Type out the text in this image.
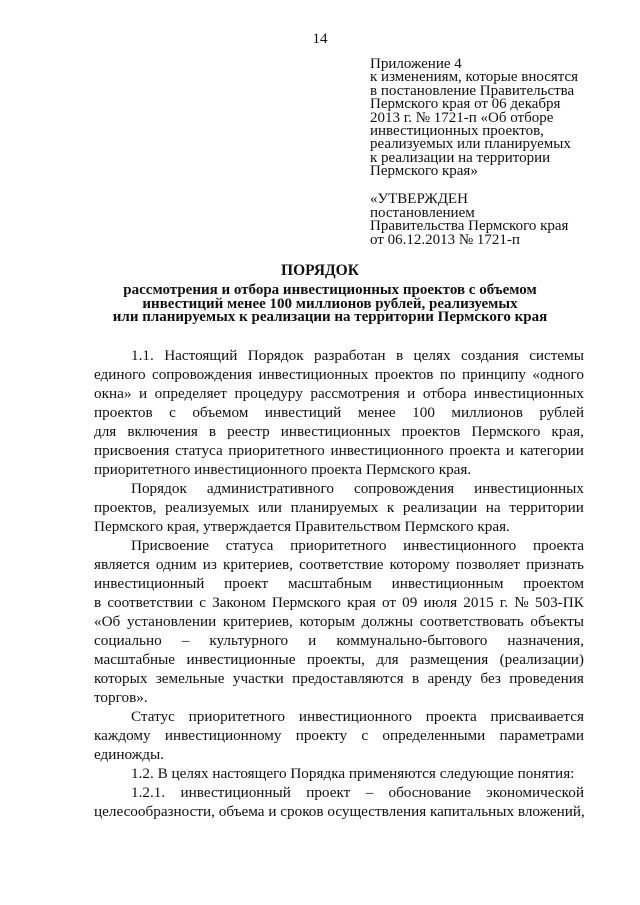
14
Приложение 4
к изменениям, которые вносятся
в постановление Правительства
Пермского края от 06 декабря
2013 г. № 1721-п «Об отборе
инвестиционных проектов,
реализуемых или планируемых
к реализации на территории
Пермского края»
«УТВЕРЖДЕН
постановлением
Правительства Пермского края
от 06.12.2013 № 1721-п
ПОРЯДОК
рассмотрения и отбора инвестиционных проектов с объемом
инвестиций менее 100 миллионов рублей, реализуемых
или планируемых к реализации на территории Пермского края
1.1. Настоящий Порядок разработан в целях создания системы
единого сопровождения инвестиционных проектов по принципу «одного
окна» и определяет процедуру рассмотрения и отбора инвестиционных
проектов с объемом инвестиций менее 100 миллионов рублей
для включения в реестр инвестиционных проектов Пермского края,
присвоения статуса приоритетного инвестиционного проекта и категории
приоритетного инвестиционного проекта Пермского края.
Порядок административного сопровождения инвестиционных
проектов, реализуемых или планируемых к реализации на территории
Пермского края, утверждается Правительством Пермского края.
Присвоение статуса приоритетного инвестиционного проекта
является одним из критериев, соответствие которому позволяет признать
инвестиционный проект масштабным инвестиционным проектом
в соответствии с Законом Пермского края от 09 июля 2015 г. № 503-ПК
«Об установлении критериев, которым должны соответствовать объекты
социально – культурного и коммунально-бытового назначения,
масштабные инвестиционные проекты, для размещения (реализации)
которых земельные участки предоставляются в аренду без проведения
торгов».
Статус приоритетного инвестиционного проекта присваивается
каждому инвестиционному проекту с определенными параметрами
единожды.
1.2. В целях настоящего Порядка применяются следующие понятия:
1.2.1. инвестиционный проект – обоснование экономической
целесообразности, объема и сроков осуществления капитальных вложений,
